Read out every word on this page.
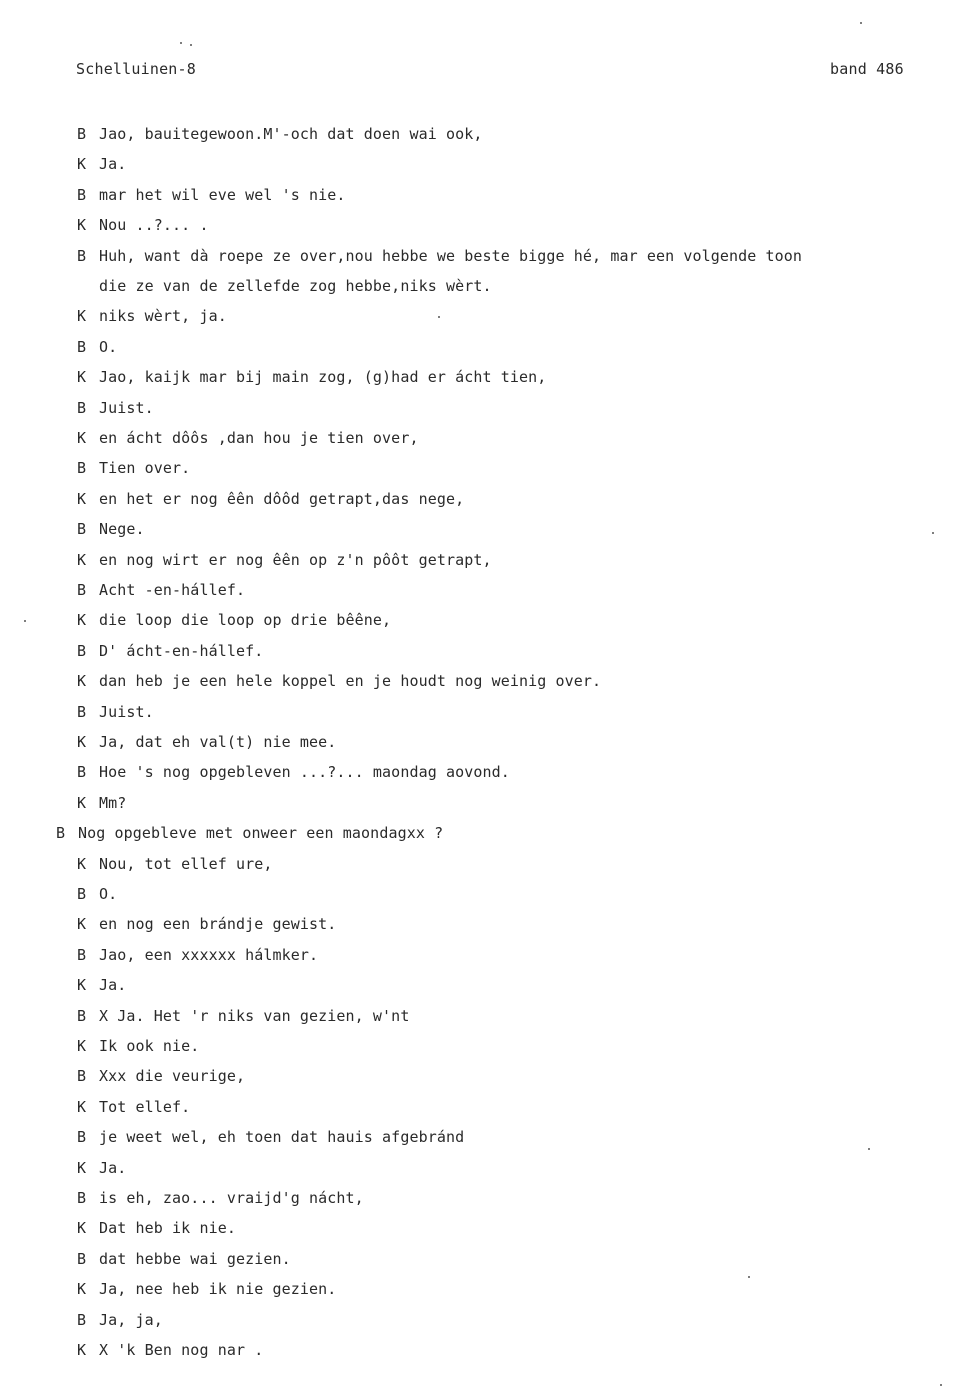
Schelluinen-8	band 486
B Jao, bauitegewoon.M'-och dat doen wai ook,
K Ja.
B mar het wil eve wel 's nie.
K Nou ..?... .
B Huh, want dà roepe ze over,nou hebbe we beste bigge hé, mar een volgende toon
die ze van de zellefde zog hebbe,niks wèrt.
K niks wèrt, ja.
B O.
K Jao, kaijk mar bij main zog, (g)had er ácht tien,
B Juist.
K en ácht dôôs ,dan hou je tien over,
B Tien over.
K en het er nog êên dôôd getrapt,das nege,
B Nege.
K en nog wirt er nog êên op z'n pôôt getrapt,
B Acht -en-hállef.
K die loop die loop op drie bêêne,
B D' ácht-en-hállef.
K dan heb je een hele koppel en je houdt nog weinig over.
B Juist.
K Ja, dat eh val(t) nie mee.
B Hoe 's nog opgebleven ...?... maondag aovond.
K Mm?
B Nog opgebleve met onweer een maondagxx ?
K Nou, tot ellef ure,
B O.
K en nog een brándje gewist.
B Jao, een xxxxxx hálmker.
K Ja.
B X Ja. Het 'r niks van gezien, w'nt
K Ik ook nie.
B Xxx die veurige,
K Tot ellef.
B je weet wel, eh toen dat hauis afgebránd
K Ja.
B is eh, zao... vraijd'g nácht,
K Dat heb ik nie.
B dat hebbe wai gezien.
K Ja, nee heb ik nie gezien.
B Ja, ja,
K X 'k Ben nog nar .
